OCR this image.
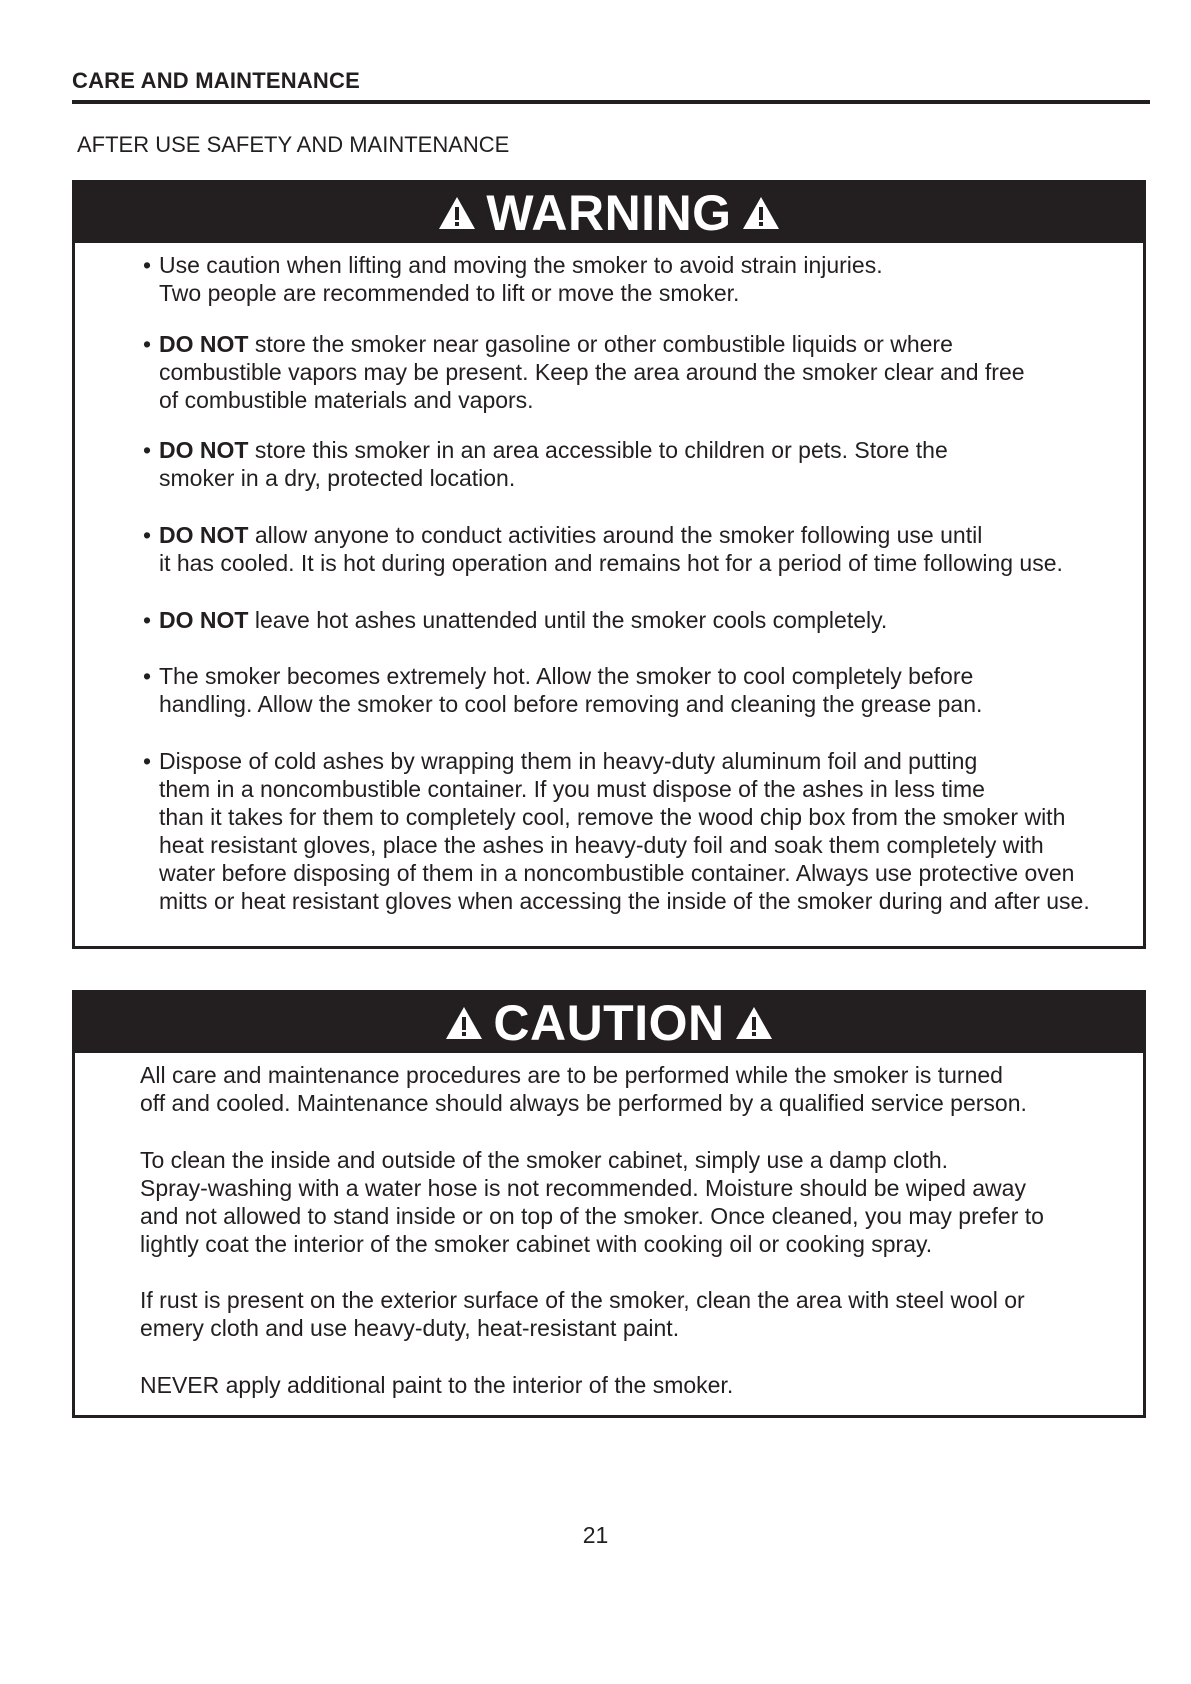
CARE AND MAINTENANCE
AFTER USE SAFETY AND MAINTENANCE
WARNING
• Use caution when lifting and moving the smoker to avoid strain injuries.
Two people are recommended to lift or move the smoker.
• DO NOT store the smoker near gasoline or other combustible liquids or where
combustible vapors may be present. Keep the area around the smoker clear and free
of combustible materials and vapors.
• DO NOT store this smoker in an area accessible to children or pets. Store the
smoker in a dry, protected location.
• DO NOT allow anyone to conduct activities around the smoker following use until
it has cooled. It is hot during operation and remains hot for a period of time following use.
• DO NOT leave hot ashes unattended until the smoker cools completely.
• The smoker becomes extremely hot. Allow the smoker to cool completely before
handling. Allow the smoker to cool before removing and cleaning the grease pan.
• Dispose of cold ashes by wrapping them in heavy-duty aluminum foil and putting
them in a noncombustible container. If you must dispose of the ashes in less time
than it takes for them to completely cool, remove the wood chip box from the smoker with
heat resistant gloves, place the ashes in heavy-duty foil and soak them completely with
water before disposing of them in a noncombustible container. Always use protective oven
mitts or heat resistant gloves when accessing the inside of the smoker during and after use.
CAUTION
All care and maintenance procedures are to be performed while the smoker is turned
off and cooled. Maintenance should always be performed by a qualified service person.
To clean the inside and outside of the smoker cabinet, simply use a damp cloth.
Spray-washing with a water hose is not recommended. Moisture should be wiped away
and not allowed to stand inside or on top of the smoker. Once cleaned, you may prefer to
lightly coat the interior of the smoker cabinet with cooking oil or cooking spray.
If rust is present on the exterior surface of the smoker, clean the area with steel wool or
emery cloth and use heavy-duty, heat-resistant paint.
NEVER apply additional paint to the interior of the smoker.
21
